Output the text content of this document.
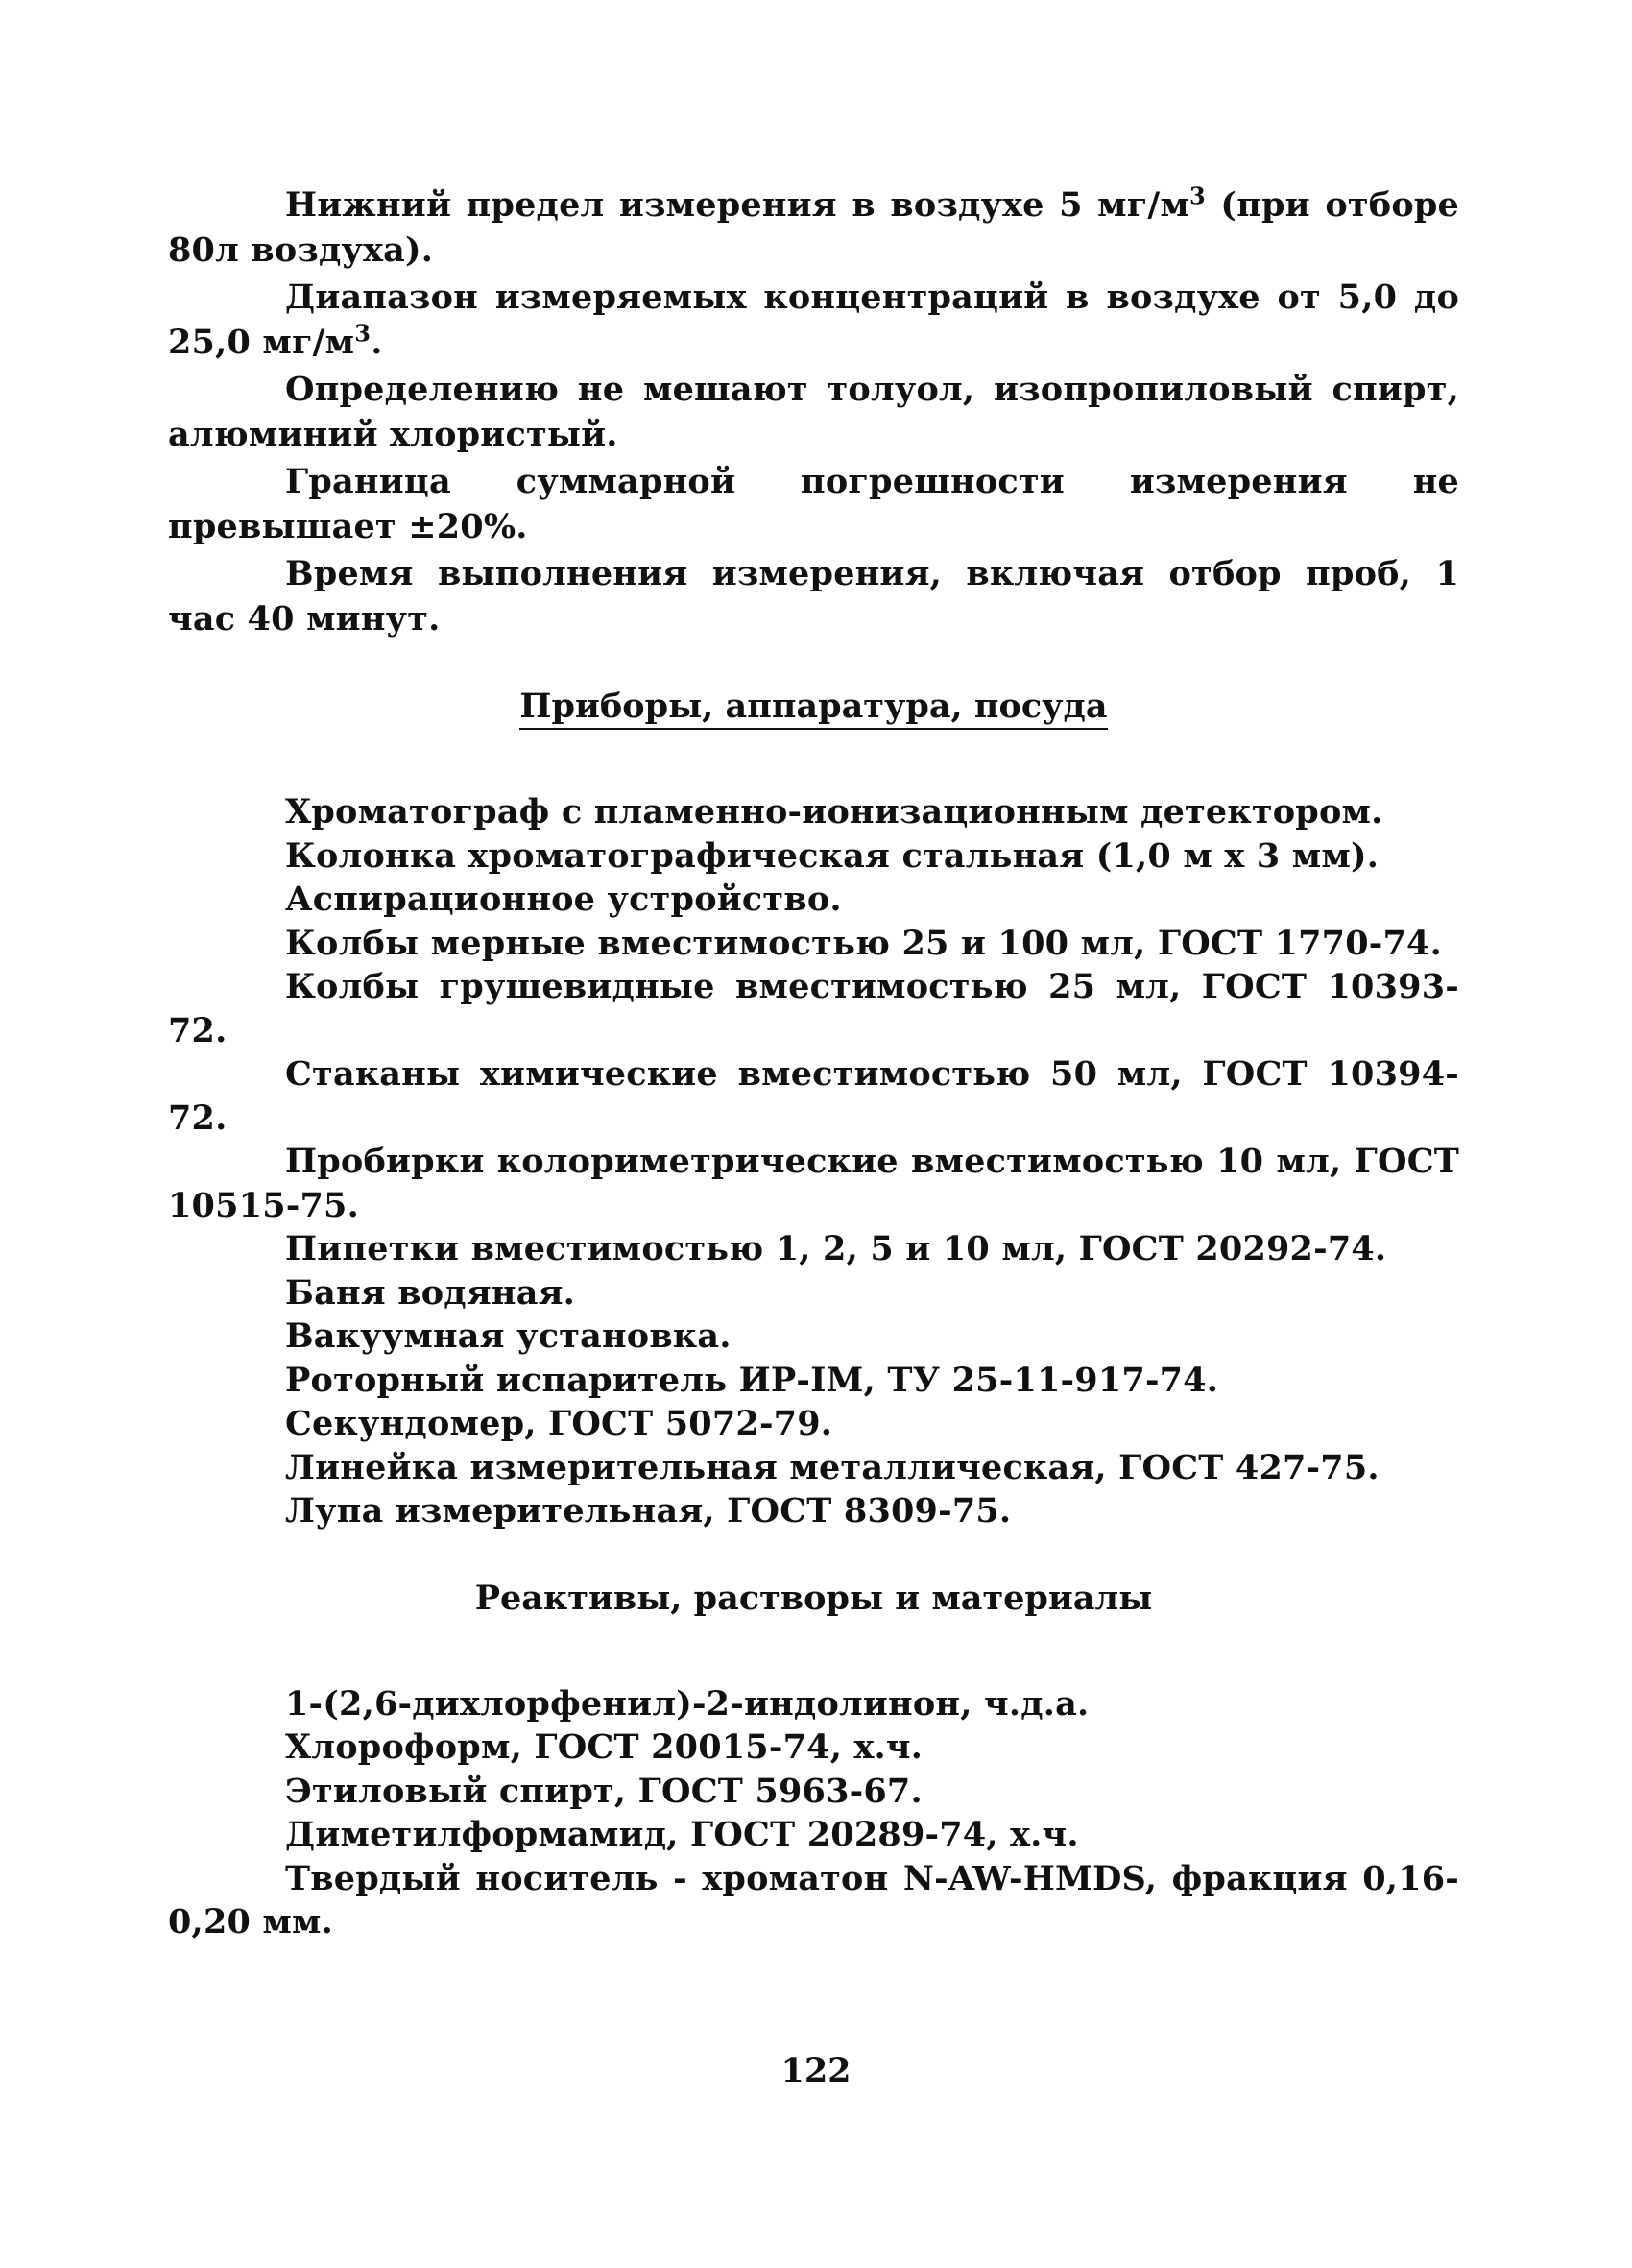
Нижний предел измерения в воздухе 5 $мг/м^3$ (при отборе 80л воздуха).

Диапазон измеряемых концентраций в воздухе от 5,0 до 25,0 $мг/м^3$.

Определению не мешают толуол, изопропиловый спирт, алюминий хлористый.

Граница суммарной погрешности измерения не превышает ±20%.

Время выполнения измерения, включая отбор проб, 1 час 40 минут.

Приборы, аппаратура, посуда
Хроматограф с пламенно-ионизационным детектором.
Колонка хроматографическая стальная (1,0 м х 3 мм).
Аспирационное устройство.
Колбы мерные вместимостью 25 и 100 мл, ГОСТ 1770-74.
Колбы грушевидные вместимостью 25 мл, ГОСТ 10393-72.
Стаканы химические вместимостью 50 мл, ГОСТ 10394-72.
Пробирки колориметрические вместимостью 10 мл, ГОСТ 10515-75.
Пипетки вместимостью 1, 2, 5 и 10 мл, ГОСТ 20292-74.
Баня водяная.
Вакуумная установка.
Роторный испаритель ИР-IM, ТУ 25-11-917-74.
Секундомер, ГОСТ 5072-79.
Линейка измерительная металлическая, ГОСТ 427-75.
Лупа измерительная, ГОСТ 8309-75.
Реактивы, растворы и материалы
1-(2,6-дихлорфенил)-2-индолинон, ч.д.а.
Хлороформ, ГОСТ 20015-74, х.ч.
Этиловый спирт, ГОСТ 5963-67.
Диметилформамид, ГОСТ 20289-74, х.ч.
Твердый носитель - хроматон N-AW-HMDS, фракция 0,16-0,20 мм.
122
